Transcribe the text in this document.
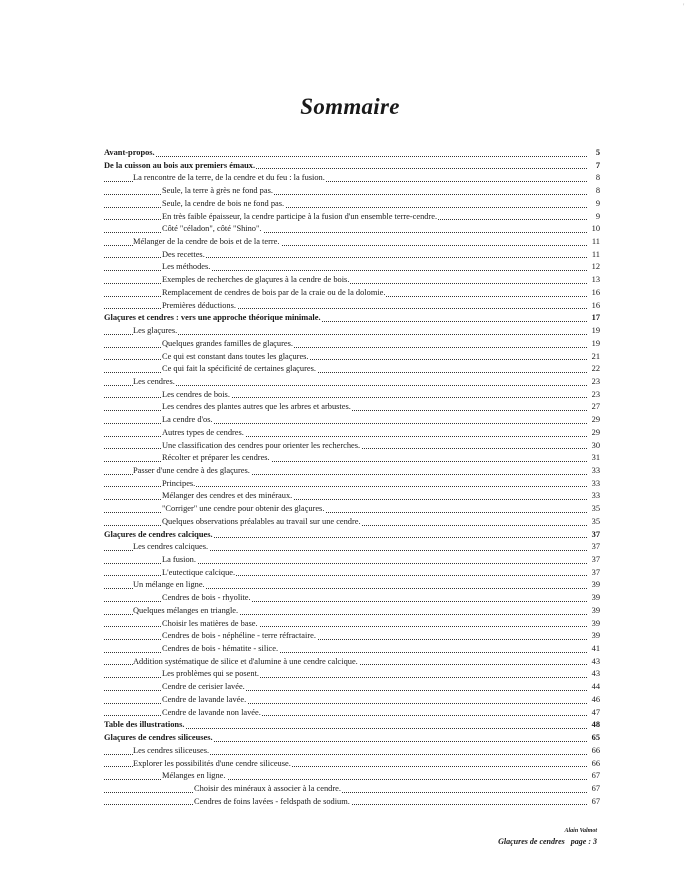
'
Sommaire
Avant-propos.	5
De la cuisson au bois aux premiers émaux.	7
La rencontre de la terre, de la cendre et du feu : la fusion.	8
Seule, la terre à grès ne fond pas.	8
Seule, la cendre de bois ne fond pas.	9
En très faible épaisseur, la cendre participe à la fusion d'un ensemble terre-cendre.	9
Côté "céladon", côté "Shino".	10
Mélanger de la cendre de bois et de la terre.	11
Des recettes.	11
Les méthodes.	12
Exemples de recherches de glaçures à la cendre de bois.	13
Remplacement de cendres de bois par de la craie ou de la dolomie.	16
Premières déductions.	16
Glaçures et cendres : vers une approche théorique minimale.	17
Les glaçures.	19
Quelques grandes familles de glaçures.	19
Ce qui est constant dans toutes les glaçures.	21
Ce qui fait la spécificité de certaines glaçures.	22
Les cendres.	23
Les cendres de bois.	23
Les cendres des plantes autres que les arbres et arbustes.	27
La cendre d'os.	29
Autres types de cendres.	29
Une classification des cendres pour orienter les recherches.	30
Récolter et préparer les cendres.	31
Passer d'une cendre à des glaçures.	33
Principes.	33
Mélanger des cendres et des minéraux.	33
"Corriger" une cendre pour obtenir des glaçures.	35
Quelques observations préalables au travail sur une cendre.	35
Glaçures de cendres calciques.	37
Les cendres calciques.	37
La fusion.	37
L'eutectique calcique.	37
Un mélange en ligne.	39
Cendres de bois - rhyolite.	39
Quelques mélanges en triangle.	39
Choisir les matières de base.	39
Cendres de bois - néphéline - terre réfractaire.	39
Cendres de bois - hématite - silice.	41
Addition systématique de silice et d'alumine à une cendre calcique.	43
Les problèmes qui se posent.	43
Cendre de cerisier lavée.	44
Cendre de lavande lavée.	46
Cendre de lavande non lavée.	47
Table des illustrations.	48
Glaçures de cendres siliceuses.	65
Les cendres siliceuses.	66
Explorer les possibilités d'une cendre siliceuse.	66
Mélanges en ligne.	67
Choisir des minéraux à associer à la cendre.	67
Cendres de foins lavées - feldspath de sodium.	67
Alain Valmot
Glaçures de cendres page : 3
